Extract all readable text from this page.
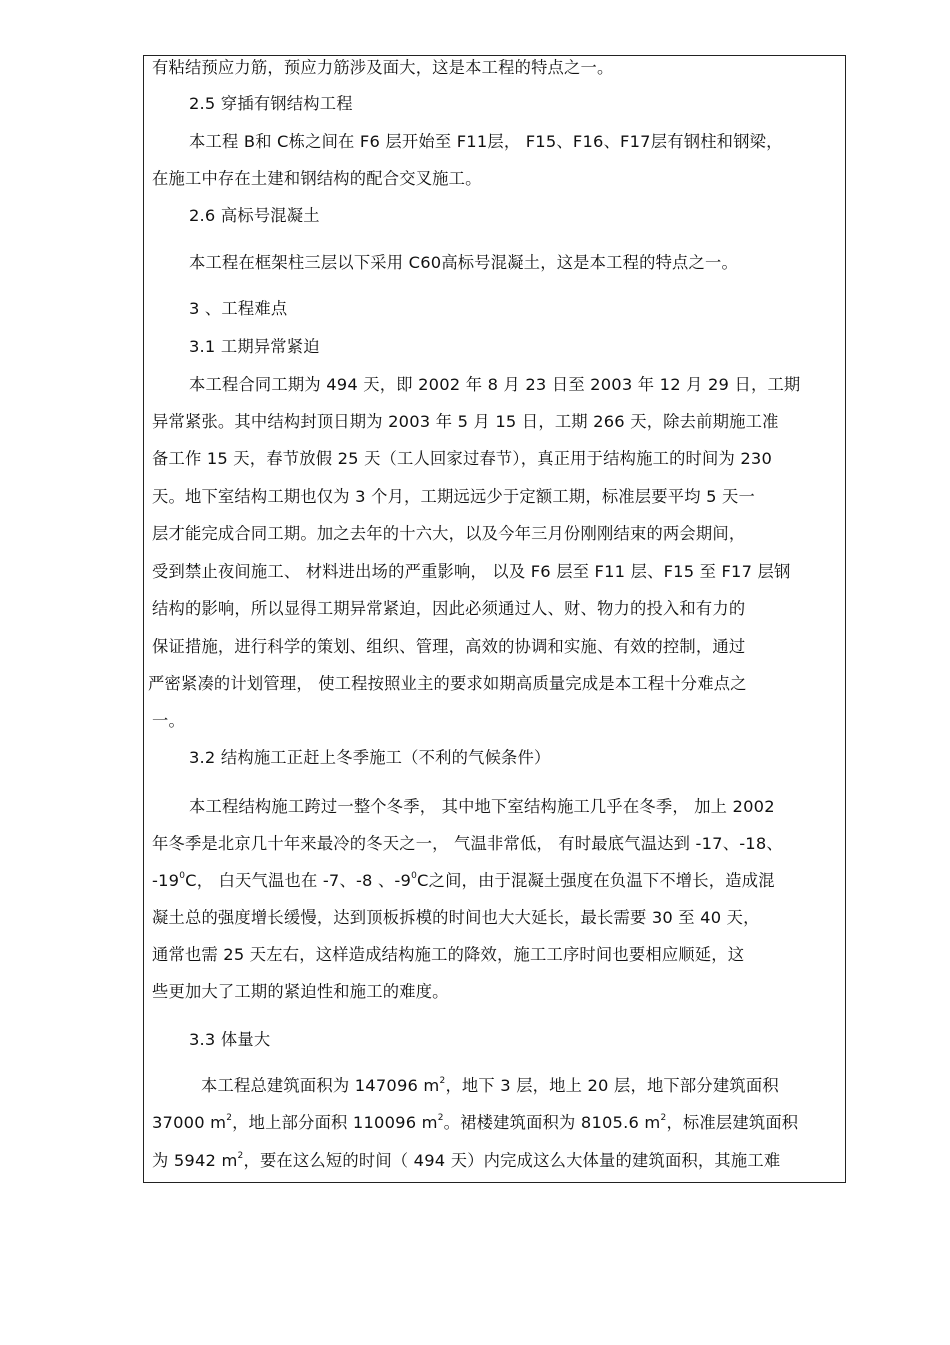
有粘结预应力筋，预应力筋涉及面大，这是本工程的特点之一。
2.5 穿插有钢结构工程
本工程 B和 C栋之间在 F6 层开始至 F11层， F15、F16、F17层有钢柱和钢梁，
在施工中存在土建和钢结构的配合交叉施工。
2.6 高标号混凝土
本工程在框架柱三层以下采用 C60高标号混凝土，这是本工程的特点之一。
3 、工程难点
3.1 工期异常紧迫
本工程合同工期为 494 天，即 2002 年 8 月 23 日至 2003 年 12 月 29 日，工期
异常紧张。其中结构封顶日期为 2003 年 5 月 15 日，工期 266 天，除去前期施工准
备工作 15 天，春节放假 25 天（工人回家过春节），真正用于结构施工的时间为 230
天。地下室结构工期也仅为 3 个月，工期远远少于定额工期，标准层要平均 5 天一
层才能完成合同工期。加之去年的十六大，以及今年三月份刚刚结束的两会期间，
受到禁止夜间施工、 材料进出场的严重影响， 以及 F6 层至 F11 层、F15 至 F17 层钢
结构的影响，所以显得工期异常紧迫，因此必须通过人、财、物力的投入和有力的
保证措施，进行科学的策划、组织、管理，高效的协调和实施、有效的控制，通过
严密紧凑的计划管理， 使工程按照业主的要求如期高质量完成是本工程十分难点之
一。
3.2 结构施工正赶上冬季施工（不利的气候条件）
本工程结构施工跨过一整个冬季， 其中地下室结构施工几乎在冬季， 加上 2002
年冬季是北京几十年来最冷的冬天之一， 气温非常低， 有时最底气温达到 -17、-18、
$-19^0C$， 白天气温也在 -7、-8 、$-9^0C$之间，由于混凝土强度在负温下不增长，造成混
凝土总的强度增长缓慢，达到顶板拆模的时间也大大延长，最长需要 30 至 40 天，
通常也需 25 天左右，这样造成结构施工的降效，施工工序时间也要相应顺延，这
些更加大了工期的紧迫性和施工的难度。
3.3 体量大
本工程总建筑面积为 147096 $m^2$，地下 3 层，地上 20 层，地下部分建筑面积
37000 $m^2$，地上部分面积 110096 $m^2$。裙楼建筑面积为 8105.6 $m^2$，标准层建筑面积
为 5942 $m^2$，要在这么短的时间（ 494 天）内完成这么大体量的建筑面积，其施工难
